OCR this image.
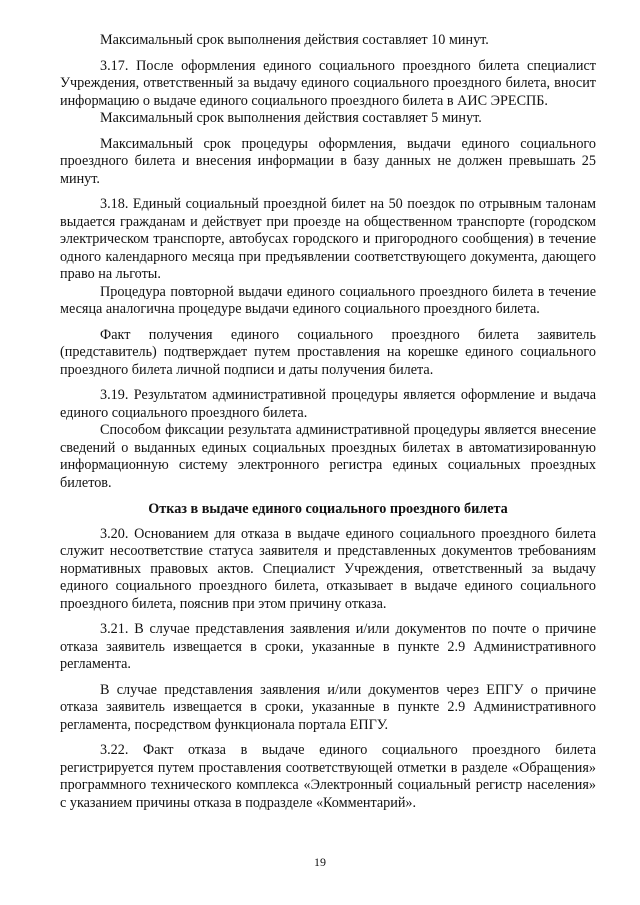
Максимальный срок выполнения действия составляет 10 минут.

3.17. После оформления единого социального проездного билета специалист Учреждения, ответственный за выдачу единого социального проездного билета, вносит информацию о выдаче единого социального проездного билета в АИС ЭРЕСПБ.

Максимальный срок выполнения действия составляет 5 минут.

Максимальный срок процедуры оформления, выдачи единого социального проездного билета и внесения информации в базу данных не должен превышать 25 минут.

3.18. Единый социальный проездной билет на 50 поездок по отрывным талонам выдается гражданам и действует при проезде на общественном транспорте (городском электрическом транспорте, автобусах городского и пригородного сообщения) в течение одного календарного месяца при предъявлении соответствующего документа, дающего право на льготы.

Процедура повторной выдачи единого социального проездного билета в течение месяца аналогична процедуре выдачи единого социального проездного билета.

Факт получения единого социального проездного билета заявитель (представитель) подтверждает путем проставления на корешке единого социального проездного билета личной подписи и даты получения билета.

3.19. Результатом административной процедуры является оформление и выдача единого социального проездного билета.

Способом фиксации результата административной процедуры является внесение сведений о выданных единых социальных проездных билетах в автоматизированную информационную систему электронного регистра единых социальных проездных билетов.

Отказ в выдаче единого социального проездного билета

3.20. Основанием для отказа в выдаче единого социального проездного билета служит несоответствие статуса заявителя и представленных документов требованиям нормативных правовых актов. Специалист Учреждения, ответственный за выдачу единого социального проездного билета, отказывает в выдаче единого социального проездного билета, пояснив при этом причину отказа.

3.21. В случае представления заявления и/или документов по почте о причине отказа заявитель извещается в сроки, указанные в пункте 2.9 Административного регламента.

В случае представления заявления и/или документов через ЕПГУ о причине отказа заявитель извещается в сроки, указанные в пункте 2.9 Административного регламента, посредством функционала портала ЕПГУ.

3.22. Факт отказа в выдаче единого социального проездного билета регистрируется путем проставления соответствующей отметки в разделе «Обращения» программного технического комплекса «Электронный социальный регистр населения» с указанием причины отказа в подразделе «Комментарий».

19
